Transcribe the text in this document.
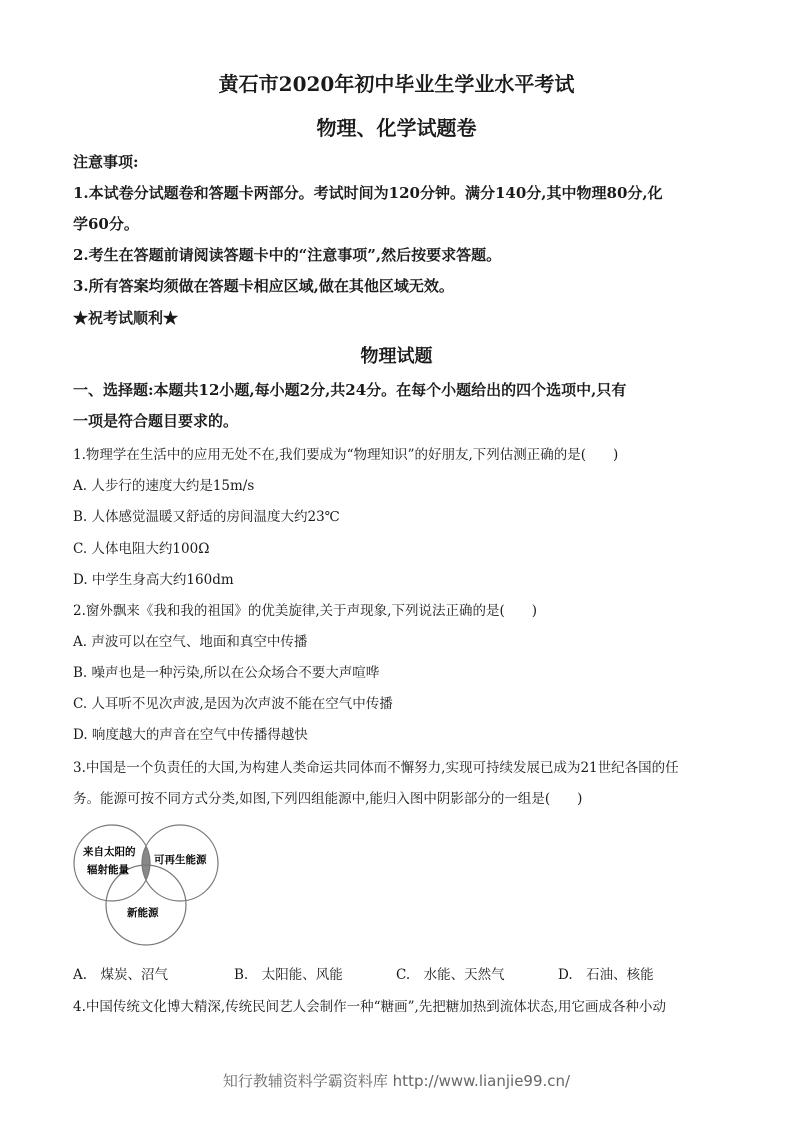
黄石市2020年初中毕业生学业水平考试
物理、化学试题卷
注意事项:
1.本试卷分试题卷和答题卡两部分。考试时间为120分钟。满分140分,其中物理80分,化
学60分。
2.考生在答题前请阅读答题卡中的“注意事项”,然后按要求答题。
3.所有答案均须做在答题卡相应区域,做在其他区域无效。
★祝考试顺利★
物理试题
一、选择题:本题共12小题,每小题2分,共24分。在每个小题给出的四个选项中,只有
一项是符合题目要求的。
1.物理学在生活中的应用无处不在,我们要成为“物理知识”的好朋友,下列估测正确的是(　　)
A. 人步行的速度大约是15m/s
B. 人体感觉温暖又舒适的房间温度大约23℃
C. 人体电阻大约100Ω
D. 中学生身高大约160dm
2.窗外飘来《我和我的祖国》的优美旋律,关于声现象,下列说法正确的是(　　)
A. 声波可以在空气、地面和真空中传播
B. 噪声也是一种污染,所以在公众场合不要大声喧哗
C. 人耳听不见次声波,是因为次声波不能在空气中传播
D. 响度越大的声音在空气中传播得越快
3.中国是一个负责任的大国,为构建人类命运共同体而不懈努力,实现可持续发展已成为21世纪各国的任
务。能源可按不同方式分类,如图,下列四组能源中,能归入图中阴影部分的一组是(　　)
来自太阳的
辐射能量
可再生能源
新能源
A.　煤炭、沼气	B.　太阳能、风能	C.　水能、天然气	D.　石油、核能
4.中国传统文化博大精深,传统民间艺人会制作一种“糖画”,先把糖加热到流体状态,用它画成各种小动
知行教辅资料学霸资料库 http://www.lianjie99.cn/
